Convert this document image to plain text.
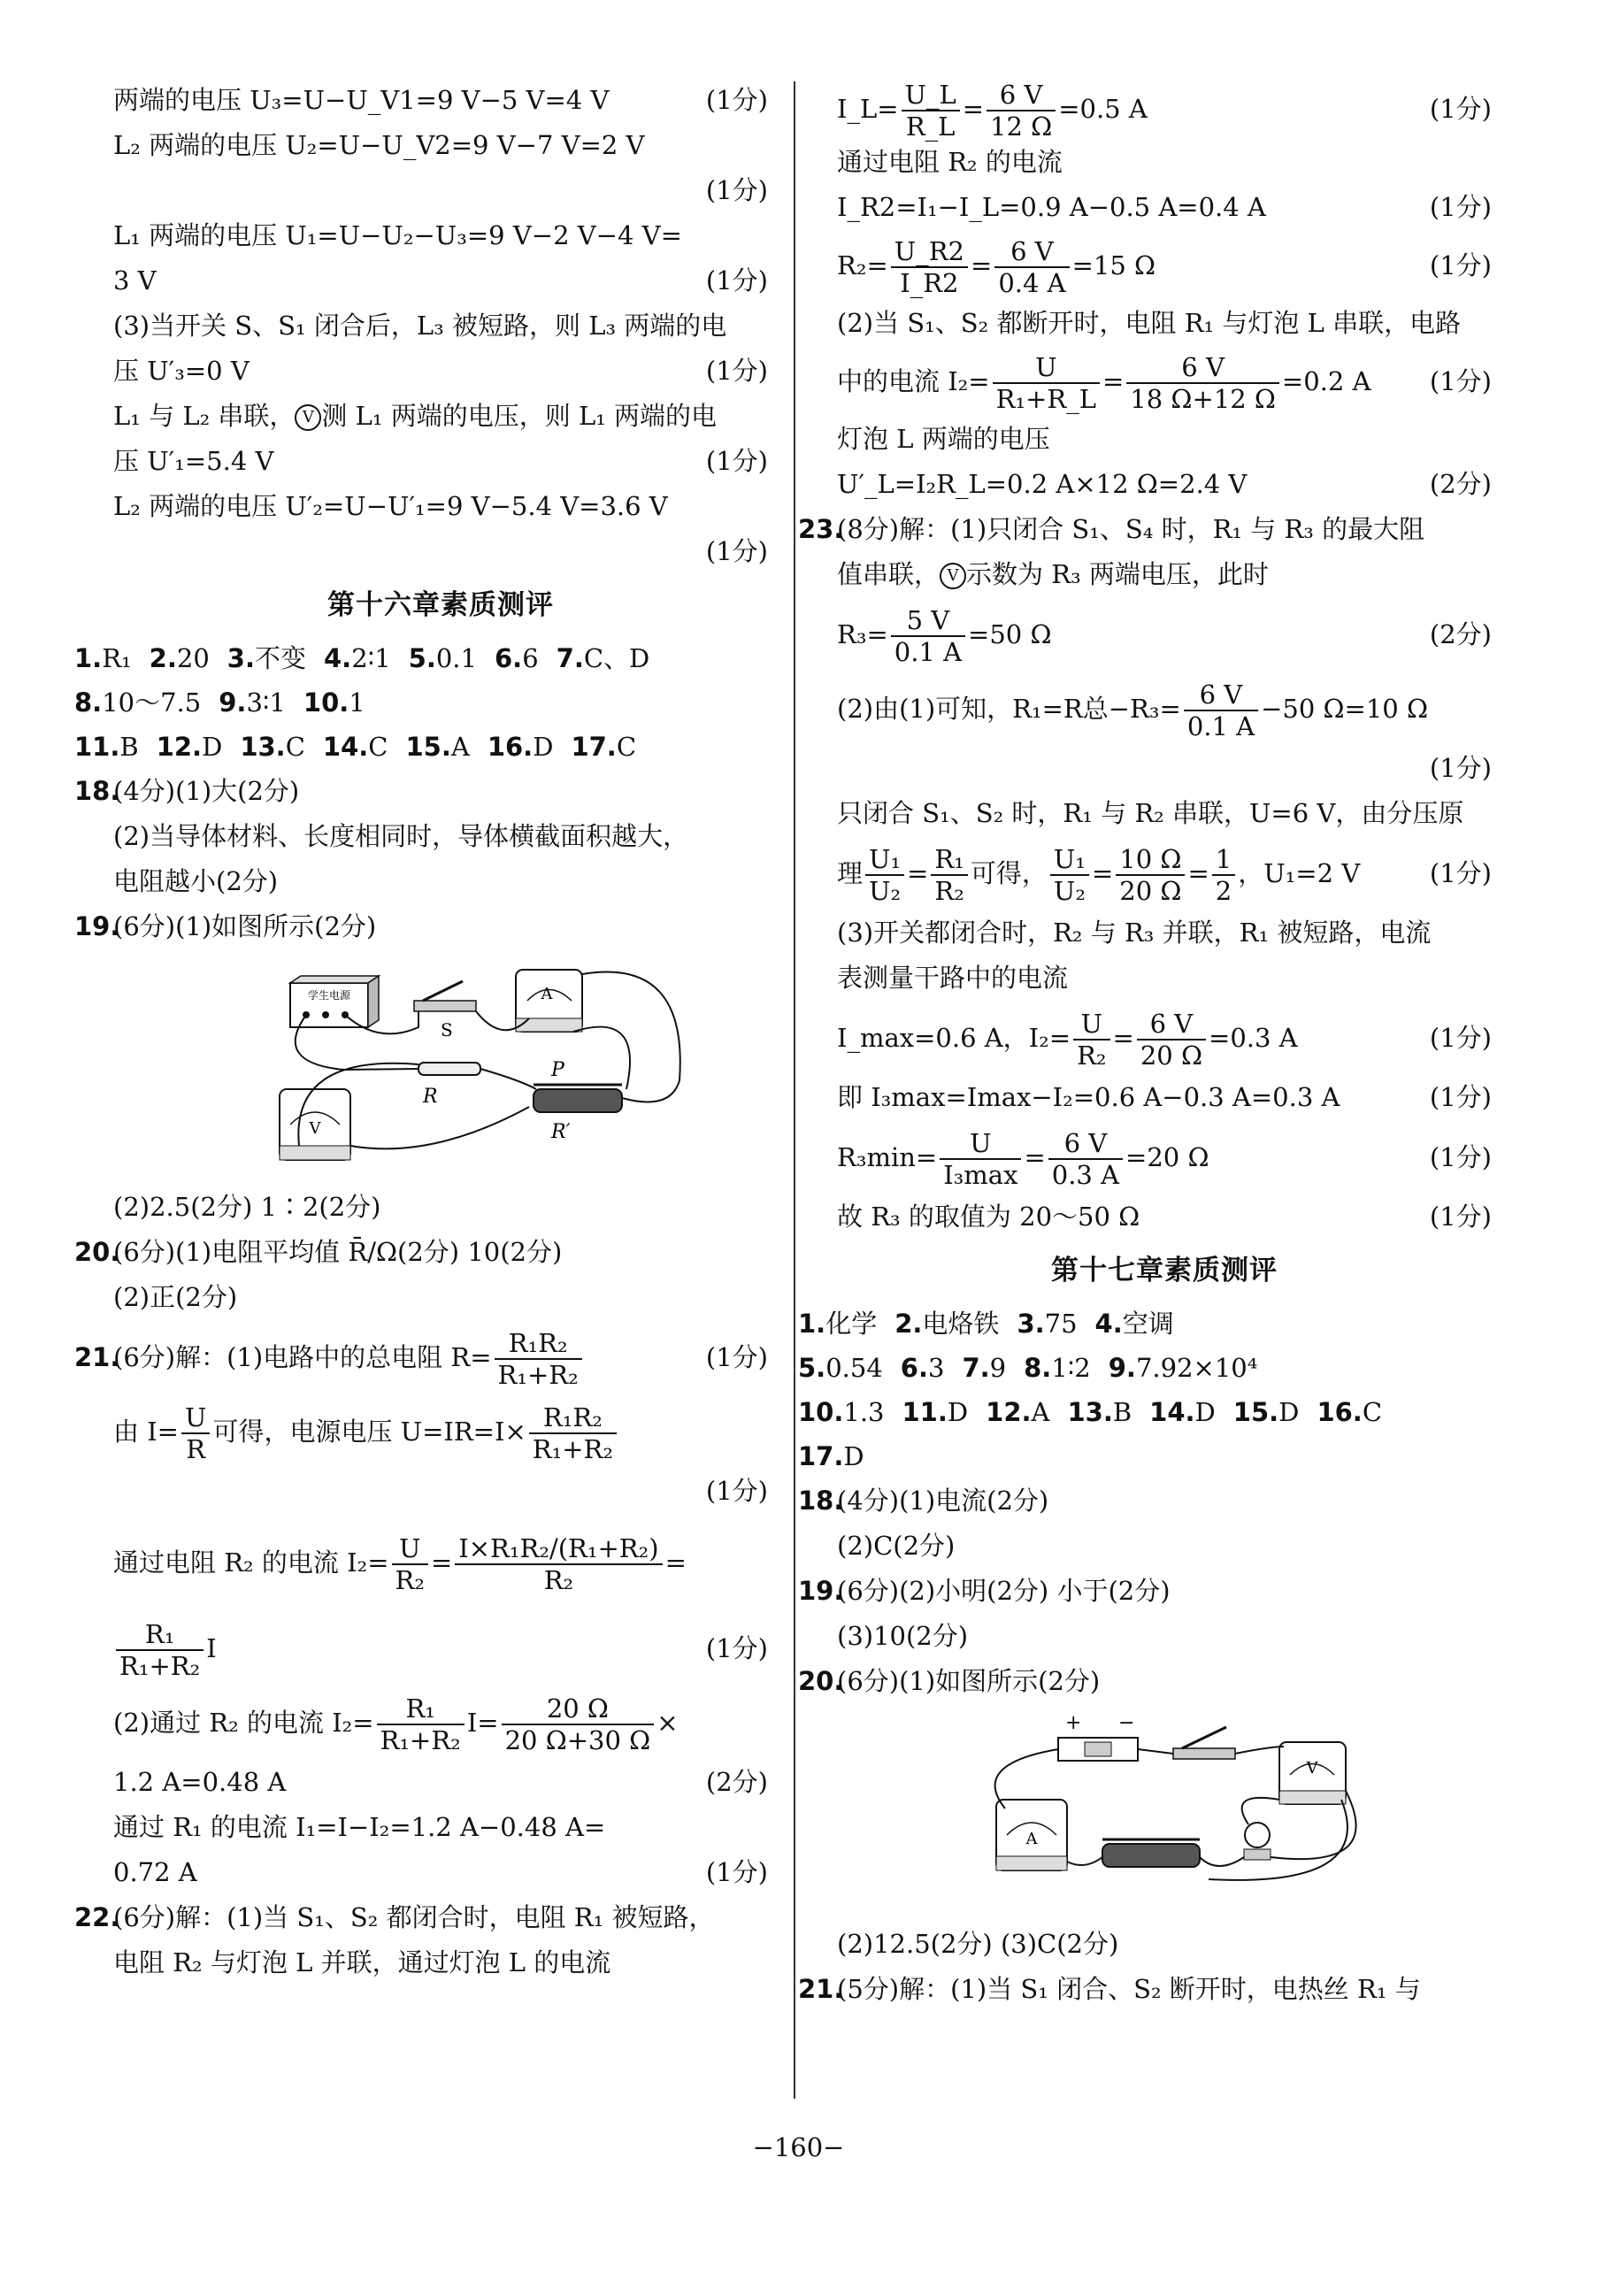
两端的电压 U₃=U−U_V1=9 V−5 V=4 V	(1分)
L₂ 两端的电压 U₂=U−U_V2=9 V−7 V=2 V
(1分)
L₁ 两端的电压 U₁=U−U₂−U₃=9 V−2 V−4 V=
3 V	(1分)
(3)当开关 S、S₁ 闭合后，L₃ 被短路，则 L₃ 两端的电
压 U′₃=0 V	(1分)
L₁ 与 L₂ 串联， V 测 L₁ 两端的电压，则 L₁ 两端的电
压 U′₁=5.4 V	(1分)
L₂ 两端的电压 U′₂=U−U′₁=9 V−5.4 V=3.6 V
(1分)
第十六章素质测评
1.R₁ 2.20 3.不变 4.2∶1 5.0.1 6.6 7.C、D
8.10～7.5 9.3∶1 10.1
11.B 12.D 13.C 14.C 15.A 16.D 17.C
18.(4分)(1)大(2分)
(2)当导体材料、长度相同时，导体横截面积越大，
电阻越小(2分)
19.(6分)(1)如图所示(2分)
学生电源
S
A
R
V
P
R′
(2)2.5(2分) 1∶2(2分)
20.(6分)(1)电阻平均值 R̄/Ω(2分) 10(2分)
(2)正(2分)
21.(6分)解：(1)电路中的总电阻 $R= \frac{\text{R₁R₂}}{\text{R₁+R₂}}$	(1分)
由 $I= \frac{U}{R}$ 可得，电源电压 $U=IR=I\times \frac{\text{R₁R₂}}{\text{R₁+R₂}}$
(1分)
通过电阻 R₂ 的电流 $I_2= \frac{U}{\text{R₂}} = \frac{\text{I×R₁R₂/(R₁+R₂)}}{\text{R₂}}$ =
$\frac{\text{R₁}}{\text{R₁+R₂}}$ I	(1分)
(2)通过 R₂ 的电流 $I_2= \frac{\text{R₁}}{\text{R₁+R₂}} I= \frac{20 \Omega}{20 \Omega+30 \Omega}$ ×
1.2 A=0.48 A	(2分)
通过 R₁ 的电流 I₁=I−I₂=1.2 A−0.48 A=
0.72 A	(1分)
22.(6分)解：(1)当 S₁、S₂ 都闭合时，电阻 R₁ 被短路，
电阻 R₂ 与灯泡 L 并联，通过灯泡 L 的电流
I_L= $\frac{U\_L}{R\_L} = \frac{6 V}{12 \Omega} =0.5$ A	(1分)
通过电阻 R₂ 的电流
I_R2=I₁−I_L=0.9 A−0.5 A=0.4 A	(1分)
$R_2= \frac{U\_R2}{I\_R2} = \frac{6 V}{0.4 A} =15$ Ω	(1分)
(2)当 S₁、S₂ 都断开时，电阻 R₁ 与灯泡 L 串联，电路
中的电流 $I_2= \frac{U}{\text{R₁+R\_L}} = \frac{6 V}{18 \Omega+12 \Omega} =0.2$ A (1分)
灯泡 L 两端的电压
U′_L=I₂R_L=0.2 A×12 Ω=2.4 V	(2分)
23.(8分)解：(1)只闭合 S₁、S₄ 时，R₁ 与 R₃ 的最大阻
值串联， V 示数为 R₃ 两端电压，此时
$R_3= \frac{5 V}{0.1 A} =50$ Ω	(2分)
(2)由(1)可知，R₁=R总$-R_3= \frac{6 V}{0.1 A} -50$ Ω=10 Ω
(1分)
只闭合 S₁、S₂ 时，R₁ 与 R₂ 串联，U=6 V，由分压原
理 $\frac{\text{U₁}}{\text{U₂}} = \frac{\text{R₁}}{\text{R₂}}$ 可得， $\frac{\text{U₁}}{\text{U₂}} = \frac{10 \Omega}{20 \Omega} = \frac{1}{2}$ ，U₁=2 V	(1分)
(3)开关都闭合时，R₂ 与 R₃ 并联，R₁ 被短路，电流
表测量干路中的电流
I_max=0.6 A，$I_2= \frac{U}{\text{R₂}} = \frac{6 V}{20 \Omega} =0.3$ A	(1分)
即 I₃max=Imax−I₂=0.6 A−0.3 A=0.3 A	(1分)
$R_3\min= \frac{U}{\text{I₃max}} = \frac{6 V}{0.3 A} =20$ Ω	(1分)
故 R₃ 的取值为 20～50 Ω	(1分)
第十七章素质测评
1.化学 2.电烙铁 3.75 4.空调
5.0.54 6.3 7.9 8.1∶2 9.7.92×10⁴
10.1.3 11.D 12.A 13.B 14.D 15.D 16.C
17.D
18.(4分)(1)电流(2分)
(2)C(2分)
19.(6分)(2)小明(2分) 小于(2分)
(3)10(2分)
20.(6分)(1)如图所示(2分)
+ −
V
A
(2)12.5(2分) (3)C(2分)
21.(5分)解：(1)当 S₁ 闭合、S₂ 断开时，电热丝 R₁ 与
−160−
